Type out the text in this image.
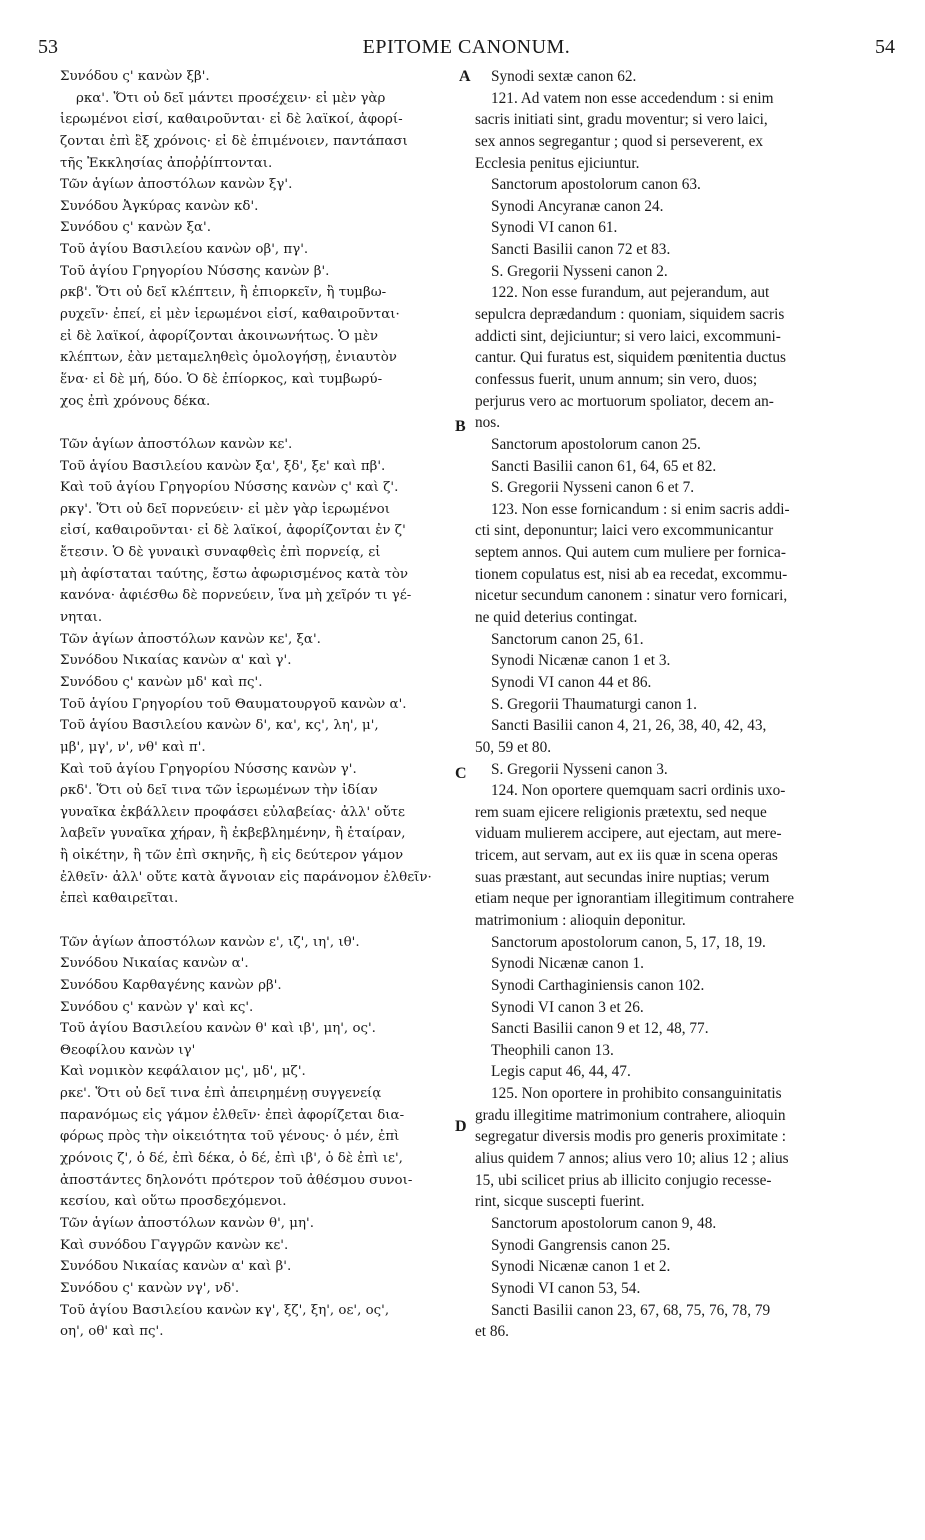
53	EPITOME CANONUM.	54
Συνόδου ς' κανὼν ξβ'.
ρκα'. Ὅτι οὐ δεῖ μάντει προσέχειν· εἰ μὲν γὰρ
ἱερωμένοι εἰσί, καθαιροῦνται· εἰ δὲ λαϊκοί, ἀφορί-
ζονται ἐπὶ ἓξ χρόνοις· εἰ δὲ ἐπιμένοιεν, παντάπασι
τῆς Ἐκκλησίας ἀποῤῥίπτονται.
Τῶν ἁγίων ἀποστόλων κανὼν ξγ'.
Συνόδου Ἀγκύρας κανὼν κδ'.
Συνόδου ς' κανὼν ξα'.
Τοῦ ἁγίου Βασιλείου κανὼν οβ', πγ'.
Τοῦ ἁγίου Γρηγορίου Νύσσης κανὼν β'.
ρκβ'. Ὅτι οὐ δεῖ κλέπτειν, ἢ ἐπιορκεῖν, ἢ τυμβω-
ρυχεῖν· ἐπεί, εἰ μὲν ἱερωμένοι εἰσί, καθαιροῦνται·
εἰ δὲ λαϊκοί, ἀφορίζονται ἀκοινωνήτως. Ὁ μὲν
κλέπτων, ἐὰν μεταμεληθεὶς ὁμολογήσῃ, ἐνιαυτὸν
ἕνα· εἰ δὲ μή, δύο. Ὁ δὲ ἐπίορκος, καὶ τυμβωρύ-
χος ἐπὶ χρόνους δέκα.
Τῶν ἁγίων ἀποστόλων κανὼν κε'.
Τοῦ ἁγίου Βασιλείου κανὼν ξα', ξδ', ξε' καὶ πβ'.
Καὶ τοῦ ἁγίου Γρηγορίου Νύσσης κανὼν ς' καὶ ζ'.
ρκγ'. Ὅτι οὐ δεῖ πορνεύειν· εἰ μὲν γὰρ ἱερωμένοι
εἰσί, καθαιροῦνται· εἰ δὲ λαϊκοί, ἀφορίζονται ἐν ζ'
ἔτεσιν. Ὁ δὲ γυναικὶ συναφθεὶς ἐπὶ πορνείᾳ, εἰ
μὴ ἀφίσταται ταύτης, ἔστω ἀφωρισμένος κατὰ τὸν
κανόνα· ἀφιέσθω δὲ πορνεύειν, ἵνα μὴ χεῖρόν τι γέ-
νηται.
Τῶν ἁγίων ἀποστόλων κανὼν κε', ξα'.
Συνόδου Νικαίας κανὼν α' καὶ γ'.
Συνόδου ς' κανὼν μδ' καὶ πς'.
Τοῦ ἁγίου Γρηγορίου τοῦ Θαυματουργοῦ κανὼν α'.
Τοῦ ἁγίου Βασιλείου κανὼν δ', κα', κς', λη', μ',
μβ', μγ', ν', νθ' καὶ π'.
Καὶ τοῦ ἁγίου Γρηγορίου Νύσσης κανὼν γ'.
ρκδ'. Ὅτι οὐ δεῖ τινα τῶν ἱερωμένων τὴν ἰδίαν
γυναῖκα ἐκβάλλειν προφάσει εὐλαβείας· ἀλλ' οὔτε
λαβεῖν γυναῖκα χήραν, ἢ ἐκβεβλημένην, ἢ ἑταίραν,
ἢ οἰκέτην, ἢ τῶν ἐπὶ σκηνῆς, ἢ εἰς δεύτερον γάμον
ἐλθεῖν· ἀλλ' οὔτε κατὰ ἄγνοιαν εἰς παράνομον ἐλθεῖν·
ἐπεὶ καθαιρεῖται.
Τῶν ἁγίων ἀποστόλων κανὼν ε', ιζ', ιη', ιθ'.
Συνόδου Νικαίας κανὼν α'.
Συνόδου Καρθαγένης κανὼν ρβ'.
Συνόδου ς' κανὼν γ' καὶ κς'.
Τοῦ ἁγίου Βασιλείου κανὼν θ' καὶ ιβ', μη', ος'.
Θεοφίλου κανὼν ιγ'
Καὶ νομικὸν κεφάλαιον μς', μδ', μζ'.
ρκε'. Ὅτι οὐ δεῖ τινα ἐπὶ ἀπειρημένῃ συγγενείᾳ
παρανόμως εἰς γάμον ἐλθεῖν· ἐπεὶ ἀφορίζεται δια-
φόρως πρὸς τὴν οἰκειότητα τοῦ γένους· ὁ μέν, ἐπὶ
χρόνοις ζ', ὁ δέ, ἐπὶ δέκα, ὁ δέ, ἐπὶ ιβ', ὁ δὲ ἐπὶ ιε',
ἀποστάντες δηλονότι πρότερον τοῦ ἀθέσμου συνοι-
κεσίου, καὶ οὕτω προσδεχόμενοι.
Τῶν ἁγίων ἀποστόλων κανὼν θ', μη'.
Καὶ συνόδου Γαγγρῶν κανὼν κε'.
Συνόδου Νικαίας κανὼν α' καὶ β'.
Συνόδου ς' κανὼν νγ', νδ'.
Τοῦ ἁγίου Βασιλείου κανὼν κγ', ξζ', ξη', οε', ος',
οη', οθ' καὶ πς'.
Synodi sextæ canon 62.
121. Ad vatem non esse accedendum : si enim
sacris initiati sint, gradu moventur; si vero laici,
sex annos segregantur ; quod si perseverent, ex
Ecclesia penitus ejiciuntur.
Sanctorum apostolorum canon 63.
Synodi Ancyranæ canon 24.
Synodi VI canon 61.
Sancti Basilii canon 72 et 83.
S. Gregorii Nysseni canon 2.
122. Non esse furandum, aut pejerandum, aut
sepulcra deprædandum : quoniam, siquidem sacris
addicti sint, dejiciuntur; si vero laici, excommuni-
cantur. Qui furatus est, siquidem pœnitentia ductus
confessus fuerit, unum annum; sin vero, duos;
perjurus vero ac mortuorum spoliator, decem an-
nos.
Sanctorum apostolorum canon 25.
Sancti Basilii canon 61, 64, 65 et 82.
S. Gregorii Nysseni canon 6 et 7.
123. Non esse fornicandum : si enim sacris addi-
cti sint, deponuntur; laici vero excommunicantur
septem annos. Qui autem cum muliere per fornica-
tionem copulatus est, nisi ab ea recedat, excommu-
nicetur secundum canonem : sinatur vero fornicari,
ne quid deterius contingat.
Sanctorum canon 25, 61.
Synodi Nicænæ canon 1 et 3.
Synodi VI canon 44 et 86.
S. Gregorii Thaumaturgi canon 1.
Sancti Basilii canon 4, 21, 26, 38, 40, 42, 43,
50, 59 et 80.
S. Gregorii Nysseni canon 3.
124. Non oportere quemquam sacri ordinis uxo-
rem suam ejicere religionis prætextu, sed neque
viduam mulierem accipere, aut ejectam, aut mere-
tricem, aut servam, aut ex iis quæ in scena operas
suas præstant, aut secundas inire nuptias; verum
etiam neque per ignorantiam illegitimum contrahere
matrimonium : alioquin deponitur.
Sanctorum apostolorum canon, 5, 17, 18, 19.
Synodi Nicænæ canon 1.
Synodi Carthaginiensis canon 102.
Synodi VI canon 3 et 26.
Sancti Basilii canon 9 et 12, 48, 77.
Theophili canon 13.
Legis caput 46, 44, 47.
125. Non oportere in prohibito consanguinitatis
gradu illegitime matrimonium contrahere, alioquin
segregatur diversis modis pro generis proximitate :
alius quidem 7 annos; alius vero 10; alius 12 ; alius
15, ubi scilicet prius ab illicito conjugio recesse-
rint, sicque suscepti fuerint.
Sanctorum apostolorum canon 9, 48.
Synodi Gangrensis canon 25.
Synodi Nicænæ canon 1 et 2.
Synodi VI canon 53, 54.
Sancti Basilii canon 23, 67, 68, 75, 76, 78, 79
et 86.
A
B
C
D
